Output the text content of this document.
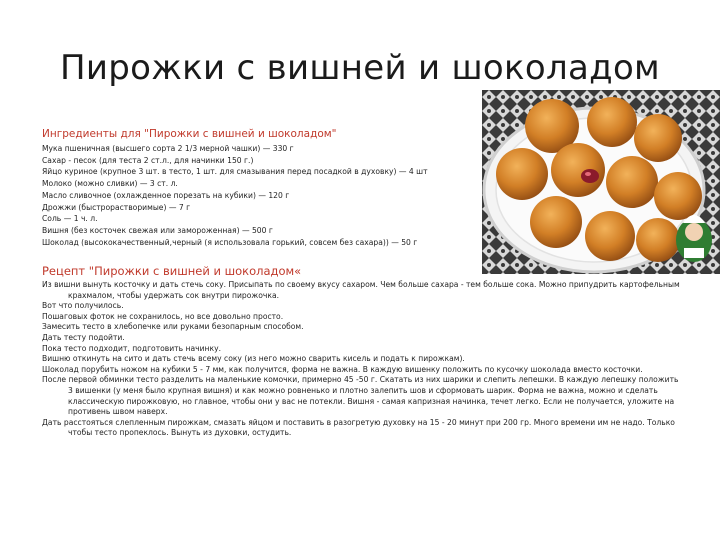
Пирожки с вишней и шоколадом
Ингредиенты для "Пирожки с вишней и шоколадом"
Мука пшеничная (высшего сорта 2 1/3 мерной чашки) — 330 г
Сахар - песок (для теста 2 ст.л., для начинки 150 г.)
Яйцо куриное (крупное 3 шт. в тесто, 1 шт. для смазывания перед посадкой в духовку) — 4 шт
Молоко (можно сливки) — 3 ст. л.
Масло сливочное (охлажденное порезать на кубики) — 120 г
Дрожжи (быстрорастворимые) — 7 г
Соль — 1 ч. л.
Вишня (без косточек свежая или замороженная) — 500 г
Шоколад (высококачественный,черный (я использовала горький, совсем без сахара)) — 50 г
Рецепт "Пирожки с вишней и шоколадом«
Из вишни вынуть косточку и дать стечь соку. Присыпать по своему вкусу сахаром. Чем больше сахара - тем больше сока. Можно припудрить картофельным крахмалом, чтобы удержать сок внутри пирожочка.
Вот что получилось.
Пошаговых фоток не сохранилось, но все довольно просто.
Замесить тесто в хлебопечке или руками безопарным способом.
Дать тесту подойти.
Пока тесто подходит, подготовить начинку.
Вишню откинуть на сито и дать стечь всему соку (из него можно сварить кисель и подать к пирожкам).
Шоколад порубить ножом на кубики 5 - 7 мм, как получится, форма не важна. В каждую вишенку положить по кусочку шоколада вместо косточки.
После первой обминки тесто разделить на маленькие комочки, примерно 45 -50 г. Скатать из них шарики и слепить лепешки. В каждую лепешку положить 3 вишенки (у меня было крупная вишня) и как можно ровненько и плотно залепить шов и сформовать шарик. Форма не важна, можно и сделать классическую пирожковую, но главное, чтобы они у вас не потекли. Вишня - самая капризная начинка, течет легко. Если не получается, уложите на противень швом наверх.
Дать расстояться слепленным пирожкам, смазать яйцом и поставить в разогретую духовку на 15 - 20 минут при 200 гр. Много времени им не надо. Только чтобы тесто пропеклось. Вынуть из духовки, остудить.
